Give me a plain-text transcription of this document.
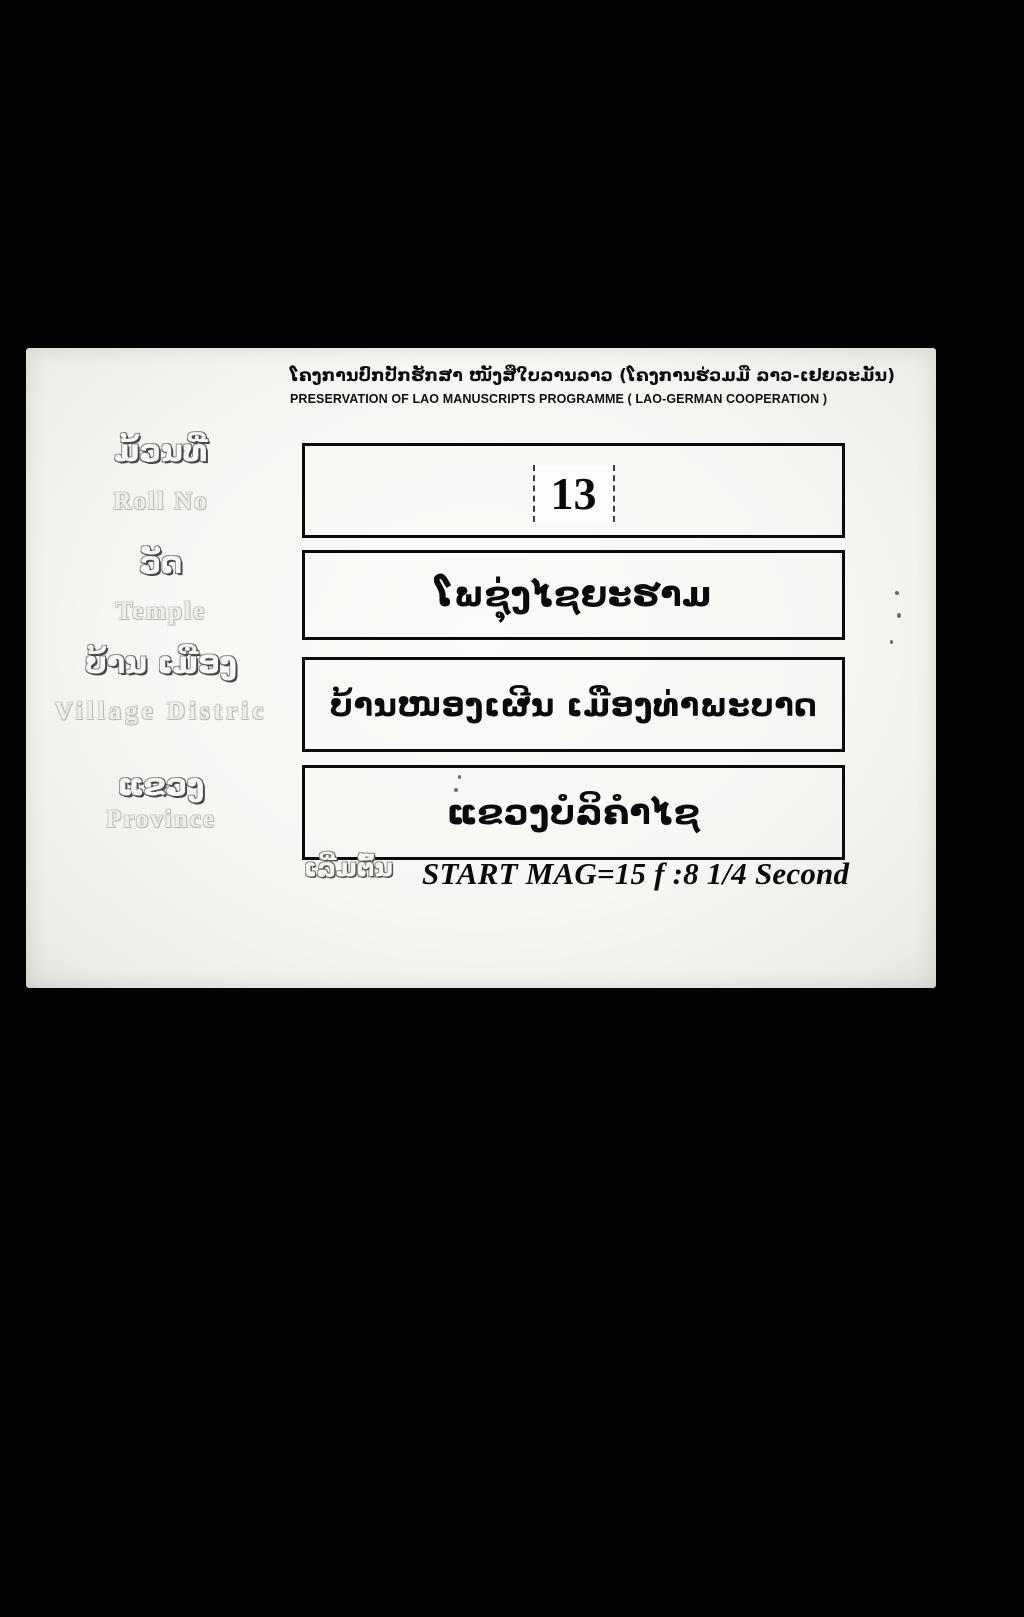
ໂຄງການປົກປັກຮັກສາ ໜັງສືໃບລານລາວ (ໂຄງການຮ່ວມມື ລາວ-ເຢຍລະມັນ)
PRESERVATION OF LAO MANUSCRIPTS PROGRAMME ( LAO-GERMAN COOPERATION )
ມ້ວນທີ່
Roll No	13
ວັດ
Temple	ໂພຊຸ່ງໄຊຍະຮາມ
ບ້ານ ເມືອງ
Village Distric	ບ້ານໜອງເຜີນ ເມືອງທ່າພະບາດ
ແຂວງ
Province	ແຂວງບໍລິຄຳໄຊ
ເລີ່ມຕົ້ນ START MAG=15 f :8 1/4 Second
